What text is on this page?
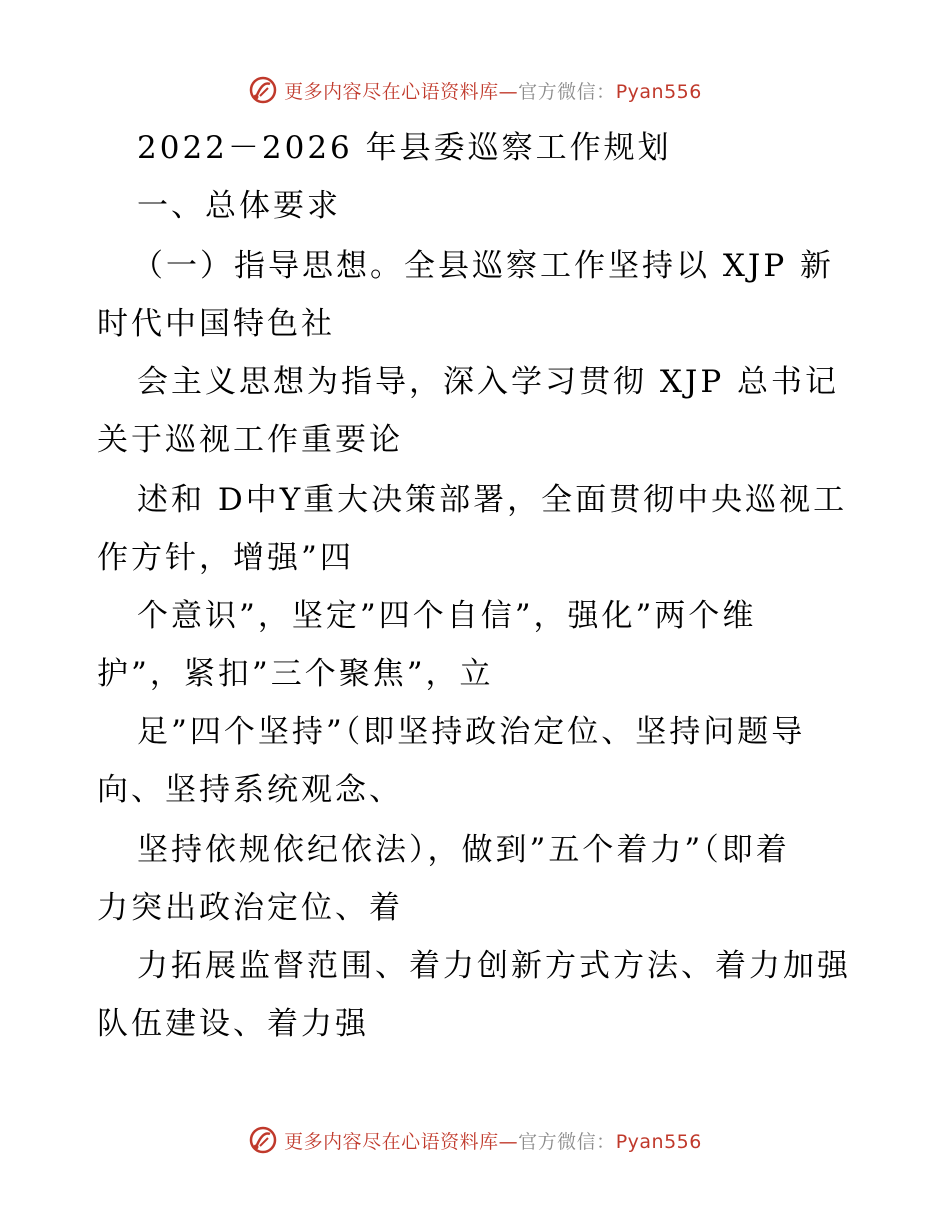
更多内容尽在心语资料库—官方微信：Pyan556
2022－2026 年县委巡察工作规划
一、总体要求
（一）指导思想。全县巡察工作坚持以 XJP 新
时代中国特色社
会主义思想为指导，深入学习贯彻 XJP 总书记
关于巡视工作重要论
述和 D中Y重大决策部署，全面贯彻中央巡视工
作方针，增强”四
个意识”，坚定”四个自信”，强化”两个维
护”，紧扣”三个聚焦”，立
足”四个坚持”（即坚持政治定位、坚持问题导
向、坚持系统观念、
坚持依规依纪依法），做到”五个着力”（即着
力突出政治定位、着
力拓展监督范围、着力创新方式方法、着力加强
队伍建设、着力强
更多内容尽在心语资料库—官方微信：Pyan556
